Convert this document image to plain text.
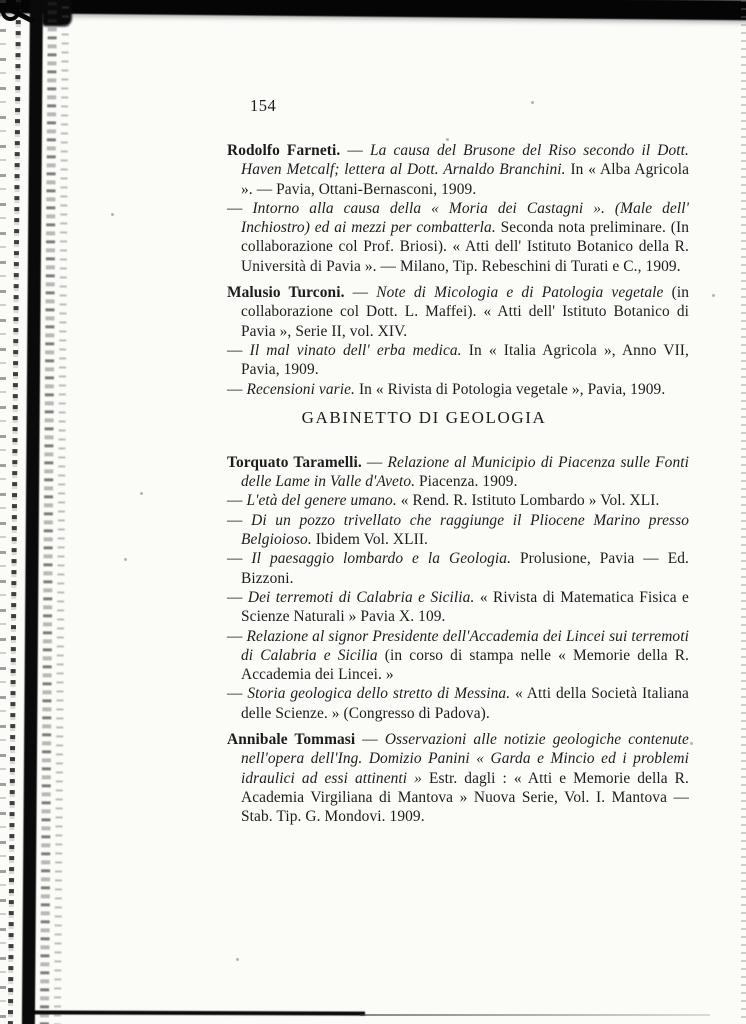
154

Rodolfo Farneti. — La causa del Brusone del Riso secondo il Dott. Haven Metcalf; lettera al Dott. Arnaldo Branchini. In « Alba Agricola ». — Pavia, Ottani-Bernasconi, 1909.

— Intorno alla causa della « Moria dei Castagni ». (Male dell' Inchiostro) ed ai mezzi per combatterla. Seconda nota preliminare. (In collaborazione col Prof. Briosi). « Atti dell' Istituto Botanico della R. Università di Pavia ». — Milano, Tip. Rebeschini di Turati e C., 1909.

Malusio Turconi. — Note di Micologia e di Patologia vegetale (in collaborazione col Dott. L. Maffei). « Atti dell' Istituto Botanico di Pavia », Serie II, vol. XIV.

— Il mal vinato dell' erba medica. In « Italia Agricola », Anno VII, Pavia, 1909.

— Recensioni varie. In « Rivista di Potologia vegetale », Pavia, 1909.

GABINETTO DI GEOLOGIA

Torquato Taramelli. — Relazione al Municipio di Piacenza sulle Fonti delle Lame in Valle d'Aveto. Piacenza. 1909.

— L'età del genere umano. « Rend. R. Istituto Lombardo » Vol. XLI.

— Di un pozzo trivellato che raggiunge il Pliocene Marino presso Belgioioso. Ibidem Vol. XLII.

— Il paesaggio lombardo e la Geologia. Prolusione, Pavia — Ed. Bizzoni.

— Dei terremoti di Calabria e Sicilia. « Rivista di Matematica Fisica e Scienze Naturali » Pavia X. 109.

— Relazione al signor Presidente dell'Accademia dei Lincei sui terremoti di Calabria e Sicilia (in corso di stampa nelle « Memorie della R. Accademia dei Lincei. »

— Storia geologica dello stretto di Messina. « Atti della Società Italiana delle Scienze. » (Congresso di Padova).

Annibale Tommasi — Osservazioni alle notizie geologiche contenute nell'opera dell'Ing. Domizio Panini « Garda e Mincio ed i problemi idraulici ad essi attinenti » Estr. dagli : « Atti e Memorie della R. Academia Virgiliana di Mantova » Nuova Serie, Vol. I. Mantova — Stab. Tip. G. Mondovi. 1909.
